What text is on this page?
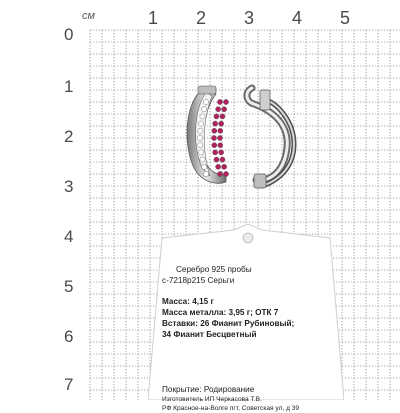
см	1 2 3 4 5
0
1
2
3
4
5
6
7
Серебро 925 пробы
с-7218р215 Серьги
Масса: 4,15 г
Масса металла: 3,95 г; ОТК 7
Вставки: 26 Фианит Рубиновый;
34 Фианит Бесцветный
Покрытие: Родирование
Изготовитель ИП Черкасова Т.В.
РФ Красное-на-Волге пгт, Советская ул, д 39
